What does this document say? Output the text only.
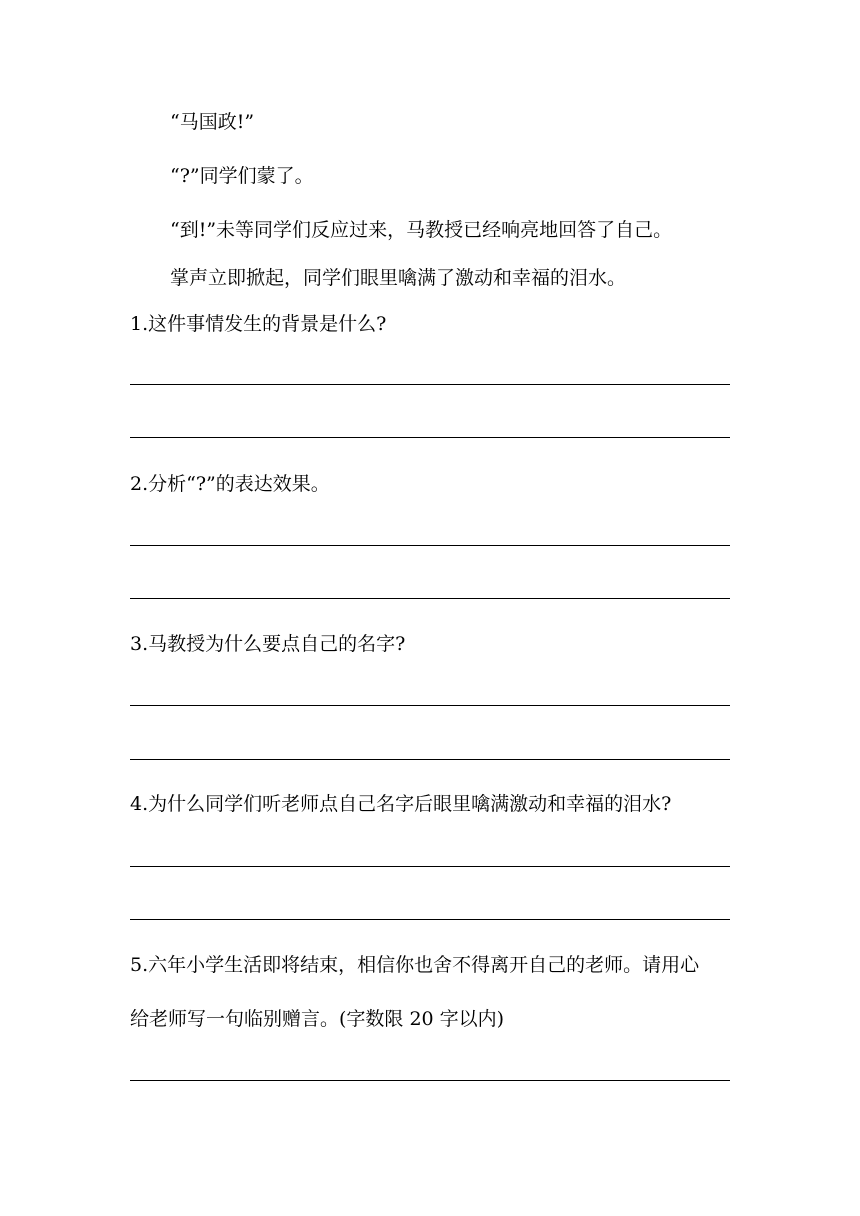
“马国政!”
“?”同学们蒙了。
“到!”未等同学们反应过来，马教授已经响亮地回答了自己。
掌声立即掀起，同学们眼里噙满了激动和幸福的泪水。
1.这件事情发生的背景是什么?
2.分析“?”的表达效果。
3.马教授为什么要点自己的名字?
4.为什么同学们听老师点自己名字后眼里噙满激动和幸福的泪水?
5.六年小学生活即将结束，相信你也舍不得离开自己的老师。请用心
给老师写一句临别赠言。(字数限 20 字以内)
